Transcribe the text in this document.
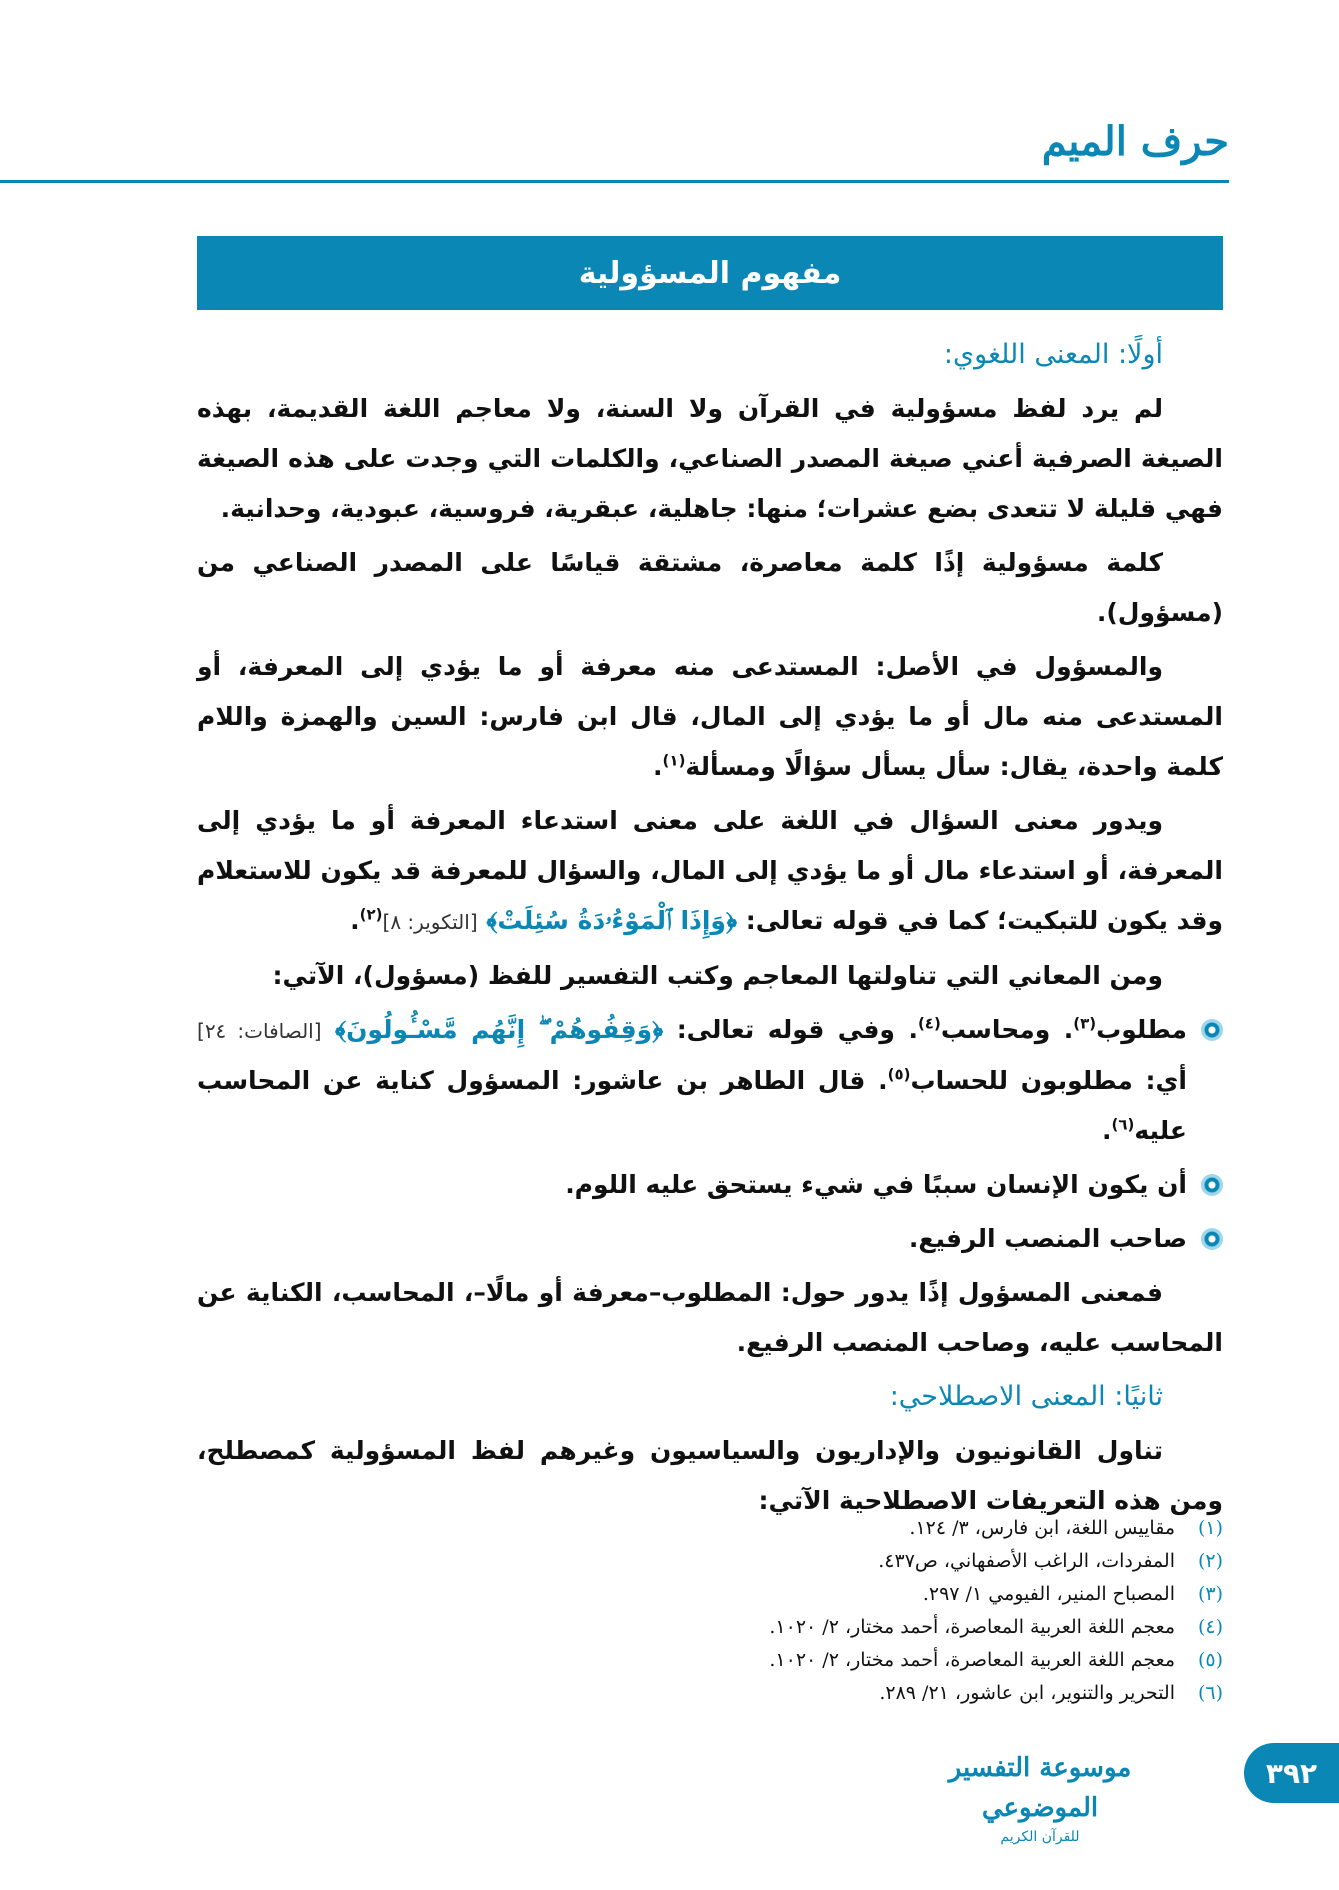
حرف الميم
مفهوم المسؤولية

أولًا: المعنى اللغوي:

لم يرد لفظ مسؤولية في القرآن ولا السنة، ولا معاجم اللغة القديمة، بهذه الصيغة الصرفية أعني صيغة المصدر الصناعي، والكلمات التي وجدت على هذه الصيغة فهي قليلة لا تتعدى بضع عشرات؛ منها: جاهلية، عبقرية، فروسية، عبودية، وحدانية.

كلمة مسؤولية إذًا كلمة معاصرة، مشتقة قياسًا على المصدر الصناعي من (مسؤول).

والمسؤول في الأصل: المستدعى منه معرفة أو ما يؤدي إلى المعرفة، أو المستدعى منه مال أو ما يؤدي إلى المال، قال ابن فارس: السين والهمزة واللام كلمة واحدة، يقال: سأل يسأل سؤالًا ومسألة$^{(١)}$.

ويدور معنى السؤال في اللغة على معنى استدعاء المعرفة أو ما يؤدي إلى المعرفة، أو استدعاء مال أو ما يؤدي إلى المال، والسؤال للمعرفة قد يكون للاستعلام وقد يكون للتبكيت؛ كما في قوله تعالى: ﴿وَإِذَا ٱلْمَوْءُۥدَةُ سُئِلَتْ﴾ [التكوير: ٨]$^{(٢)}$.

ومن المعاني التي تناولتها المعاجم وكتب التفسير للفظ (مسؤول)، الآتي:

مطلوب$^{(٣)}$. ومحاسب$^{(٤)}$. وفي قوله تعالى: ﴿وَقِفُوهُمْ ۖ إِنَّهُم مَّسْـُٔولُونَ﴾ [الصافات: ٢٤] أي: مطلوبون للحساب$^{(٥)}$. قال الطاهر بن عاشور: المسؤول كناية عن المحاسب عليه$^{(٦)}$.

أن يكون الإنسان سببًا في شيء يستحق عليه اللوم.

صاحب المنصب الرفيع.

فمعنى المسؤول إذًا يدور حول: المطلوب–معرفة أو مالًا–، المحاسب، الكناية عن المحاسب عليه، وصاحب المنصب الرفيع.

ثانيًا: المعنى الاصطلاحي:

تناول القانونيون والإداريون والسياسيون وغيرهم لفظ المسؤولية كمصطلح، ومن هذه التعريفات الاصطلاحية الآتي:

(١)
مقاييس اللغة، ابن فارس، ٣/ ١٢٤.
(٢)
المفردات، الراغب الأصفهاني، ص٤٣٧.
(٣)
المصباح المنير، الفيومي ١/ ٢٩٧.
(٤)
معجم اللغة العربية المعاصرة، أحمد مختار، ٢/ ١٠٢٠.
(٥)
معجم اللغة العربية المعاصرة، أحمد مختار، ٢/ ١٠٢٠.
(٦)
التحرير والتنوير، ابن عاشور، ٢١/ ٢٨٩.
موسوعة التفسير الموضوعي
للقرآن الكريم
٣٩٢
